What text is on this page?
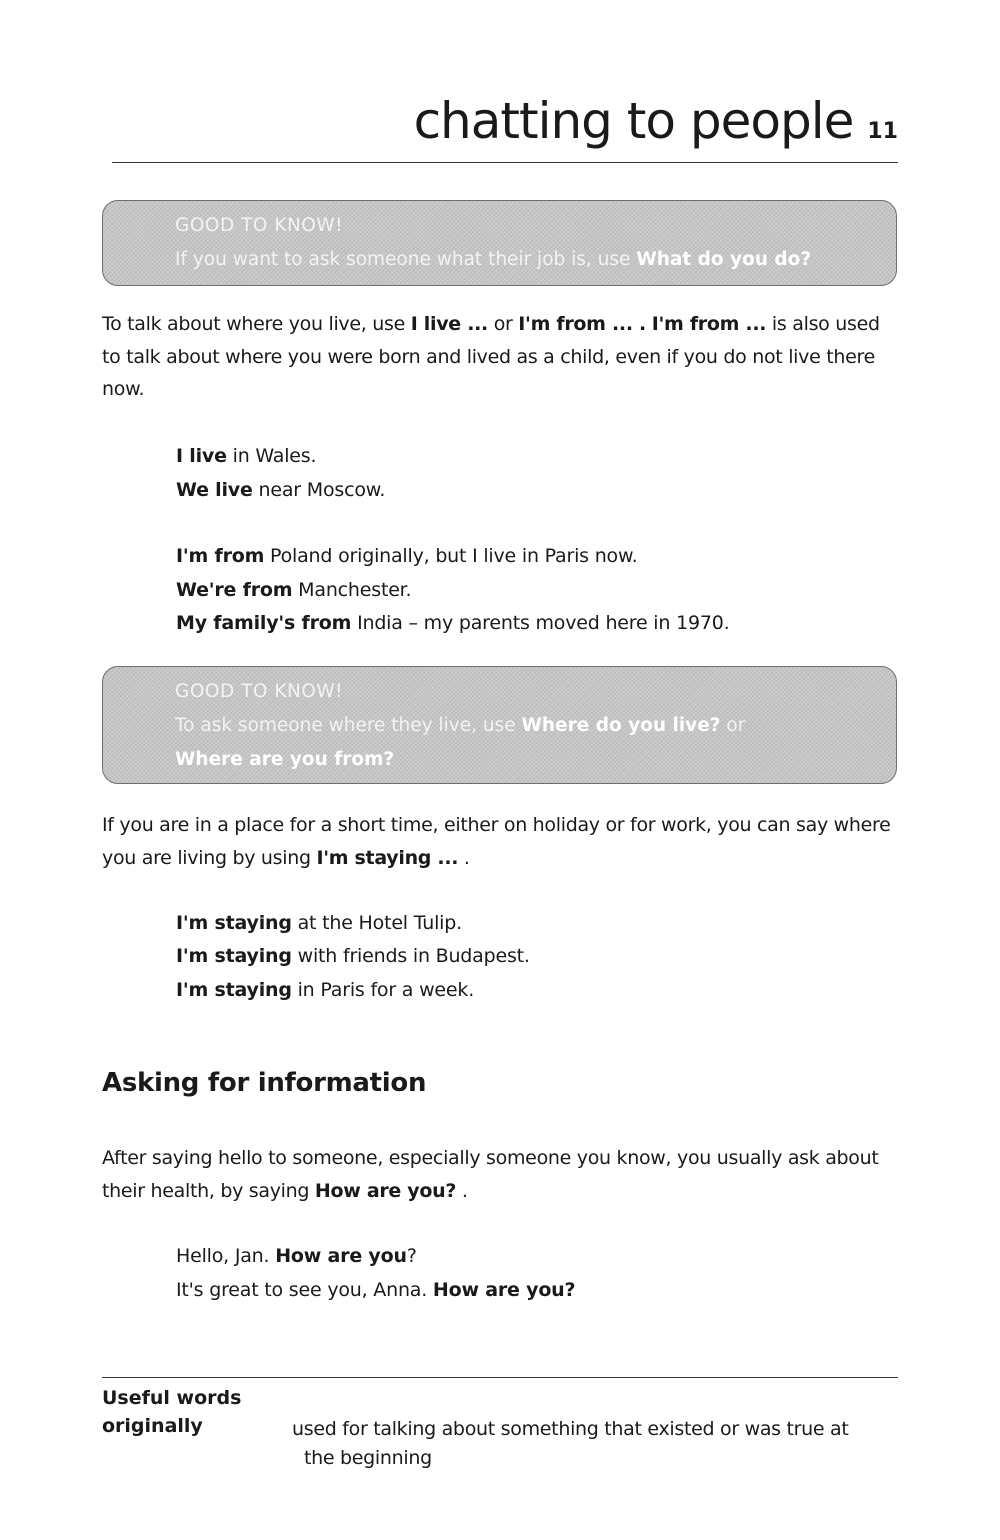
chatting to people 11
GOOD TO KNOW!
If you want to ask someone what their job is, use What do you do?
To talk about where you live, use I live ... or I'm from ... . I'm from ... is also used to talk about where you were born and lived as a child, even if you do not live there now.
I live in Wales.
We live near Moscow.
I'm from Poland originally, but I live in Paris now.
We're from Manchester.
My family's from India – my parents moved here in 1970.
GOOD TO KNOW!
To ask someone where they live, use Where do you live? or
Where are you from?
If you are in a place for a short time, either on holiday or for work, you can say where you are living by using I'm staying ... .
I'm staying at the Hotel Tulip.
I'm staying with friends in Budapest.
I'm staying in Paris for a week.
Asking for information
After saying hello to someone, especially someone you know, you usually ask about their health, by saying How are you? .
Hello, Jan. How are you?
It's great to see you, Anna. How are you?
Useful words
originally	used for talking about something that existed or was true at
the beginning
